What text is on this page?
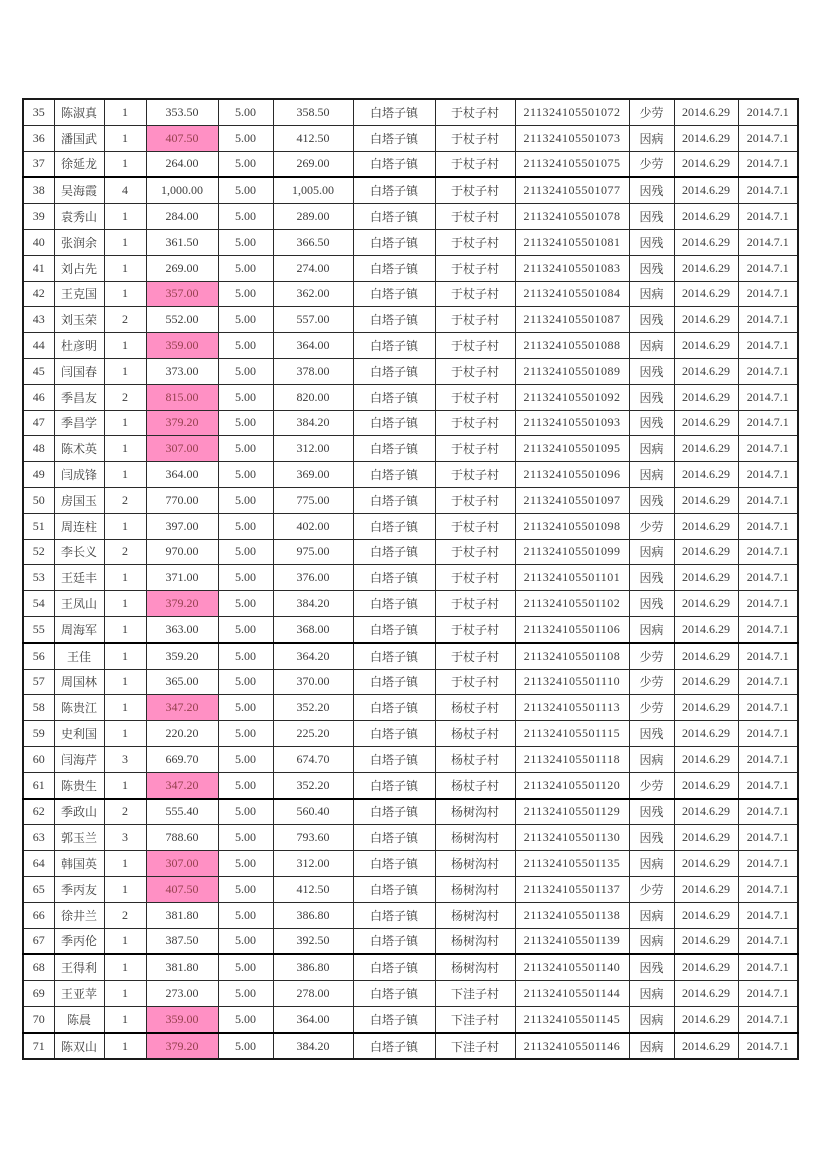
35	陈淑真	1	353.50	5.00	358.50	白塔子镇	于杖子村	211324105501072	少劳	2014.6.29	2014.7.1
36	潘国武	1	407.50	5.00	412.50	白塔子镇	于杖子村	211324105501073	因病	2014.6.29	2014.7.1
37	徐延龙	1	264.00	5.00	269.00	白塔子镇	于杖子村	211324105501075	少劳	2014.6.29	2014.7.1
38	吴海霞	4	1,000.00	5.00	1,005.00	白塔子镇	于杖子村	211324105501077	因残	2014.6.29	2014.7.1
39	袁秀山	1	284.00	5.00	289.00	白塔子镇	于杖子村	211324105501078	因残	2014.6.29	2014.7.1
40	张润余	1	361.50	5.00	366.50	白塔子镇	于杖子村	211324105501081	因残	2014.6.29	2014.7.1
41	刘占先	1	269.00	5.00	274.00	白塔子镇	于杖子村	211324105501083	因残	2014.6.29	2014.7.1
42	王克国	1	357.00	5.00	362.00	白塔子镇	于杖子村	211324105501084	因病	2014.6.29	2014.7.1
43	刘玉荣	2	552.00	5.00	557.00	白塔子镇	于杖子村	211324105501087	因残	2014.6.29	2014.7.1
44	杜彦明	1	359.00	5.00	364.00	白塔子镇	于杖子村	211324105501088	因病	2014.6.29	2014.7.1
45	闫国春	1	373.00	5.00	378.00	白塔子镇	于杖子村	211324105501089	因残	2014.6.29	2014.7.1
46	季昌友	2	815.00	5.00	820.00	白塔子镇	于杖子村	211324105501092	因残	2014.6.29	2014.7.1
47	季昌学	1	379.20	5.00	384.20	白塔子镇	于杖子村	211324105501093	因残	2014.6.29	2014.7.1
48	陈术英	1	307.00	5.00	312.00	白塔子镇	于杖子村	211324105501095	因病	2014.6.29	2014.7.1
49	闫成锋	1	364.00	5.00	369.00	白塔子镇	于杖子村	211324105501096	因病	2014.6.29	2014.7.1
50	房国玉	2	770.00	5.00	775.00	白塔子镇	于杖子村	211324105501097	因残	2014.6.29	2014.7.1
51	周连柱	1	397.00	5.00	402.00	白塔子镇	于杖子村	211324105501098	少劳	2014.6.29	2014.7.1
52	李长义	2	970.00	5.00	975.00	白塔子镇	于杖子村	211324105501099	因病	2014.6.29	2014.7.1
53	王廷丰	1	371.00	5.00	376.00	白塔子镇	于杖子村	211324105501101	因残	2014.6.29	2014.7.1
54	王凤山	1	379.20	5.00	384.20	白塔子镇	于杖子村	211324105501102	因残	2014.6.29	2014.7.1
55	周海军	1	363.00	5.00	368.00	白塔子镇	于杖子村	211324105501106	因病	2014.6.29	2014.7.1
56	王佳	1	359.20	5.00	364.20	白塔子镇	于杖子村	211324105501108	少劳	2014.6.29	2014.7.1
57	周国林	1	365.00	5.00	370.00	白塔子镇	于杖子村	211324105501110	少劳	2014.6.29	2014.7.1
58	陈贵江	1	347.20	5.00	352.20	白塔子镇	杨杖子村	211324105501113	少劳	2014.6.29	2014.7.1
59	史利国	1	220.20	5.00	225.20	白塔子镇	杨杖子村	211324105501115	因残	2014.6.29	2014.7.1
60	闫海芹	3	669.70	5.00	674.70	白塔子镇	杨杖子村	211324105501118	因病	2014.6.29	2014.7.1
61	陈贵生	1	347.20	5.00	352.20	白塔子镇	杨杖子村	211324105501120	少劳	2014.6.29	2014.7.1
62	季政山	2	555.40	5.00	560.40	白塔子镇	杨树沟村	211324105501129	因残	2014.6.29	2014.7.1
63	郭玉兰	3	788.60	5.00	793.60	白塔子镇	杨树沟村	211324105501130	因残	2014.6.29	2014.7.1
64	韩国英	1	307.00	5.00	312.00	白塔子镇	杨树沟村	211324105501135	因病	2014.6.29	2014.7.1
65	季丙友	1	407.50	5.00	412.50	白塔子镇	杨树沟村	211324105501137	少劳	2014.6.29	2014.7.1
66	徐井兰	2	381.80	5.00	386.80	白塔子镇	杨树沟村	211324105501138	因病	2014.6.29	2014.7.1
67	季丙伦	1	387.50	5.00	392.50	白塔子镇	杨树沟村	211324105501139	因病	2014.6.29	2014.7.1
68	王得利	1	381.80	5.00	386.80	白塔子镇	杨树沟村	211324105501140	因残	2014.6.29	2014.7.1
69	王亚苹	1	273.00	5.00	278.00	白塔子镇	下洼子村	211324105501144	因病	2014.6.29	2014.7.1
70	陈晨	1	359.00	5.00	364.00	白塔子镇	下洼子村	211324105501145	因病	2014.6.29	2014.7.1
71	陈双山	1	379.20	5.00	384.20	白塔子镇	下洼子村	211324105501146	因病	2014.6.29	2014.7.1
